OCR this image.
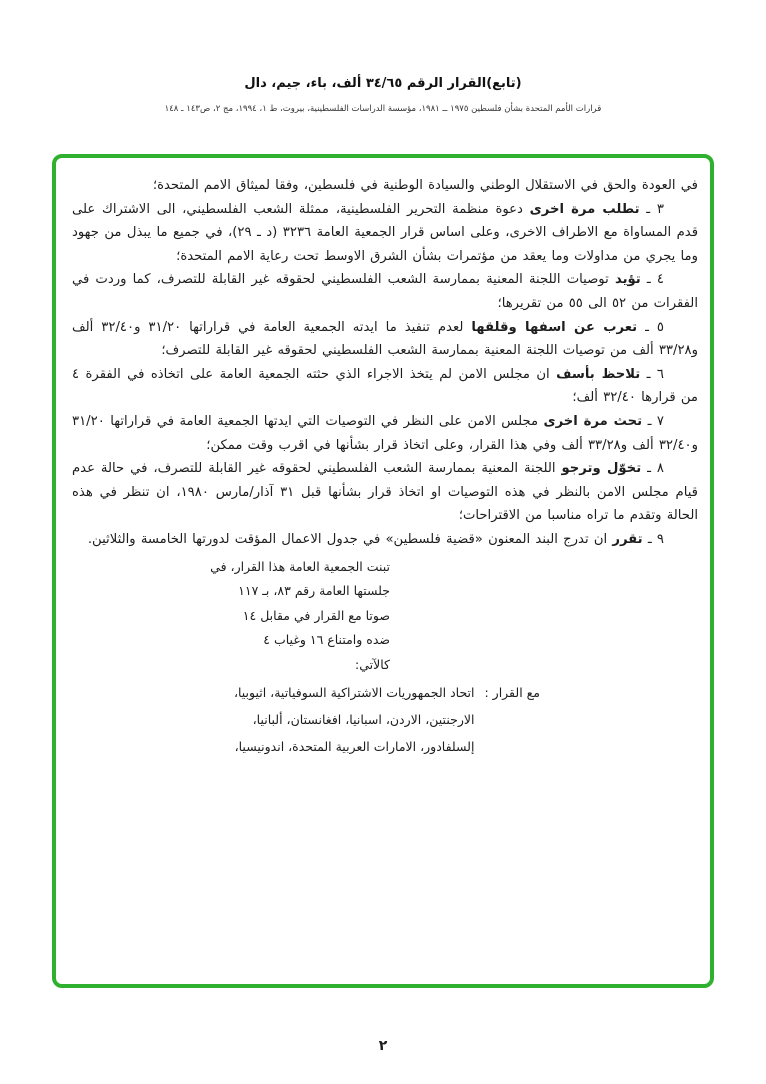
(تابع)القرار الرقم ٣٤/٦٥ ألف، باء، جيم، دال
قرارات الأمم المتحدة بشأن فلسطين ١٩٧٥ ــ ١٩٨١، مؤسسة الدراسات الفلسطينية، بيروت، ط ١، ١٩٩٤، مج ٢، ص١٤٣ ـ ١٤٨

في العودة والحق في الاستقلال الوطني والسيادة الوطنية في فلسطين، وفقا لميثاق الامم المتحدة؛

٣ ـ تطلب مرة اخرى دعوة منظمة التحرير الفلسطينية، ممثلة الشعب الفلسطيني، الى الاشتراك على قدم المساواة مع الاطراف الاخرى، وعلى اساس قرار الجمعية العامة ٣٢٣٦ (د ـ ٢٩)، في جميع ما يبذل من جهود وما يجري من مداولات وما يعقد من مؤتمرات بشأن الشرق الاوسط تحت رعاية الامم المتحدة؛

٤ ـ تؤيد توصيات اللجنة المعنية بممارسة الشعب الفلسطيني لحقوقه غير القابلة للتصرف، كما وردت في الفقرات من ٥٢ الى ٥٥ من تقريرها؛

٥ ـ تعرب عن اسفها وقلقها لعدم تنفيذ ما ايدته الجمعية العامة في قراراتها ٣١/٢٠ و٣٢/٤٠ ألف و٣٣/٢٨ ألف من توصيات اللجنة المعنية بممارسة الشعب الفلسطيني لحقوقه غير القابلة للتصرف؛

٦ ـ تلاحظ بأسف ان مجلس الامن لم يتخذ الاجراء الذي حثته الجمعية العامة على اتخاذه في الفقرة ٤ من قرارها ٣٢/٤٠ ألف؛

٧ ـ تحث مرة اخرى مجلس الامن على النظر في التوصيات التي ايدتها الجمعية العامة في قراراتها ٣١/٢٠ و٣٢/٤٠ ألف و٣٣/٢٨ ألف وفي هذا القرار، وعلى اتخاذ قرار بشأنها في اقرب وقت ممكن؛

٨ ـ تخوّل وترجو اللجنة المعنية بممارسة الشعب الفلسطيني لحقوقه غير القابلة للتصرف، في حالة عدم قيام مجلس الامن بالنظر في هذه التوصيات او اتخاذ قرار بشأنها قبل ٣١ آذار/مارس ١٩٨٠، ان تنظر في هذه الحالة وتقدم ما تراه مناسبا من الاقتراحات؛

٩ ـ تقرر ان تدرج البند المعنون «قضية فلسطين» في جدول الاعمال المؤقت لدورتها الخامسة والثلاثين.

تبنت الجمعية العامة هذا القرار، في
جلستها العامة رقم ٨٣، بـ ١١٧
صوتا مع القرار في مقابل ١٤
ضده وامتناع ١٦ وغياب ٤
كالآتي:
مع القرار :
اتحاد الجمهوريات الاشتراكية السوفياتية، اثيوبيا،
الارجنتين، الاردن، اسبانيا، افغانستان، ألبانيا،
إلسلفادور، الامارات العربية المتحدة، اندونيسيا،
٢
